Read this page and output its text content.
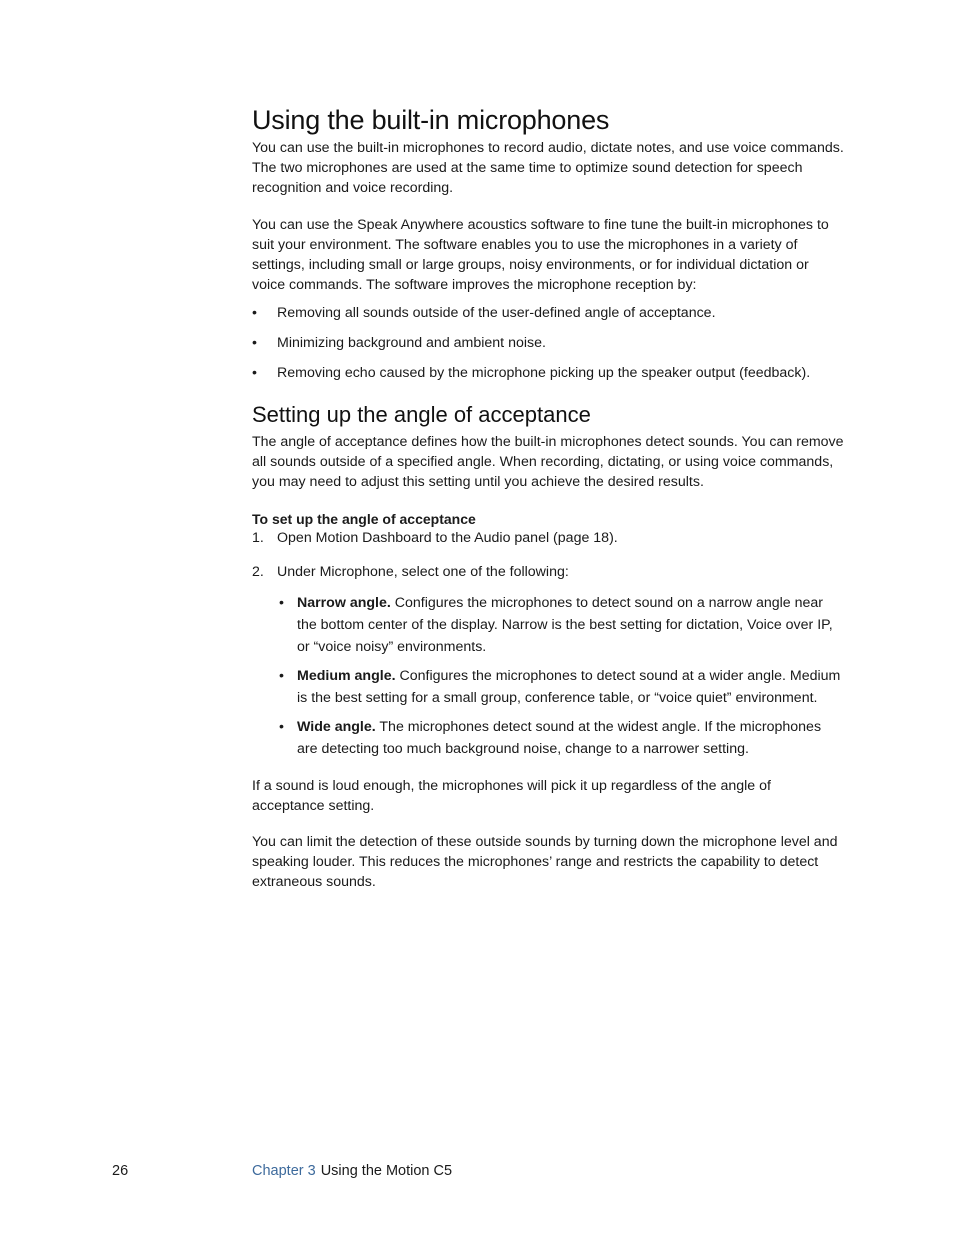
Using the built-in microphones

You can use the built-in microphones to record audio, dictate notes, and use voice commands. The two microphones are used at the same time to optimize sound detection for speech recognition and voice recording.

You can use the Speak Anywhere acoustics software to fine tune the built-in microphones to suit your environment. The software enables you to use the microphones in a variety of settings, including small or large groups, noisy environments, or for individual dictation or voice commands. The software improves the microphone reception by:

• Removing all sounds outside of the user-defined angle of acceptance.
• Minimizing background and ambient noise.
• Removing echo caused by the microphone picking up the speaker output (feedback).
Setting up the angle of acceptance

The angle of acceptance defines how the built-in microphones detect sounds. You can remove all sounds outside of a specified angle. When recording, dictating, or using voice commands, you may need to adjust this setting until you achieve the desired results.

To set up the angle of acceptance

1. Open Motion Dashboard to the Audio panel (page 18).
2. Under Microphone, select one of the following:
• Narrow angle. Configures the microphones to detect sound on a narrow angle near the bottom center of the display. Narrow is the best setting for dictation, Voice over IP, or “voice noisy” environments.
• Medium angle. Configures the microphones to detect sound at a wider angle. Medium is the best setting for a small group, conference table, or “voice quiet” environment.
• Wide angle. The microphones detect sound at the widest angle. If the microphones are detecting too much background noise, change to a narrower setting.

If a sound is loud enough, the microphones will pick it up regardless of the angle of acceptance setting.

You can limit the detection of these outside sounds by turning down the microphone level and speaking louder. This reduces the microphones’ range and restricts the capability to detect extraneous sounds.

26	Chapter 3 Using the Motion C5
